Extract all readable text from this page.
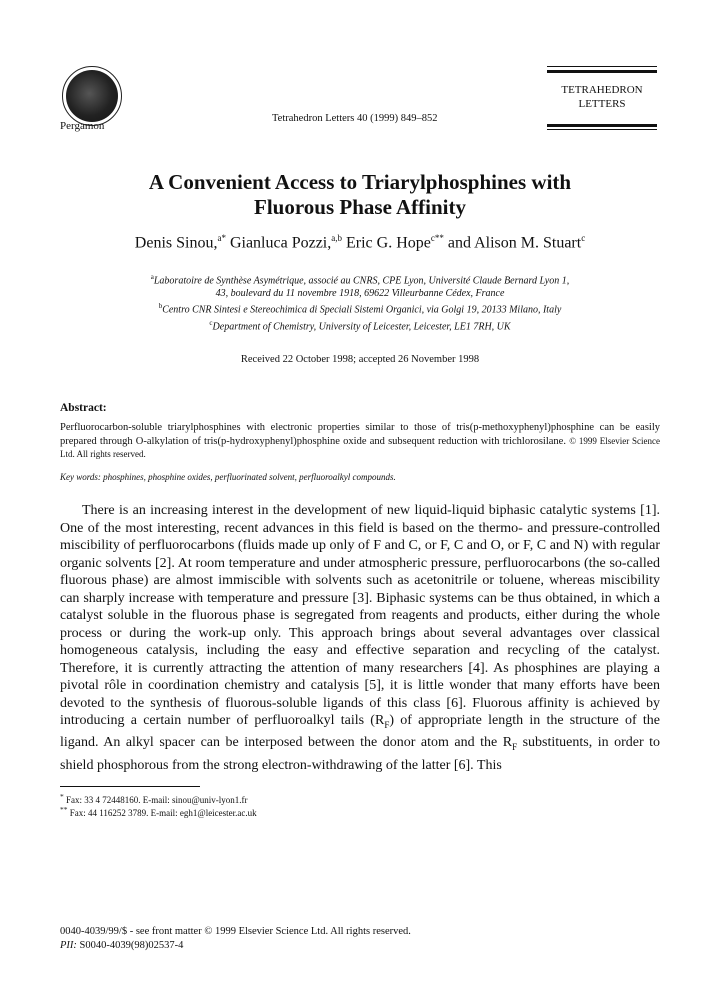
Pergamon
Tetrahedron Letters 40 (1999) 849–852
TETRAHEDRON
LETTERS
A Convenient Access to Triarylphosphines with
Fluorous Phase Affinity
Denis Sinou,$^{a*}$ Gianluca Pozzi,$^{a,b}$ Eric G. Hope$^{c**}$ and Alison M. Stuart$^c$
$^a$Laboratoire de Synthèse Asymétrique, associé au CNRS, CPE Lyon, Université Claude Bernard Lyon 1,
43, boulevard du 11 novembre 1918, 69622 Villeurbanne Cédex, France
$^b$Centro CNR Sintesi e Stereochimica di Speciali Sistemi Organici, via Golgi 19, 20133 Milano, Italy
$^c$Department of Chemistry, University of Leicester, Leicester, LE1 7RH, UK
Received 22 October 1998; accepted 26 November 1998
Abstract:
Perfluorocarbon-soluble triarylphosphines with electronic properties similar to those of tris(p-methoxyphenyl)phosphine can be easily prepared through O-alkylation of tris(p-hydroxyphenyl)phosphine oxide and subsequent reduction with trichlorosilane. © 1999 Elsevier Science Ltd. All rights reserved.
Key words: phosphines, phosphine oxides, perfluorinated solvent, perfluoroalkyl compounds.
There is an increasing interest in the development of new liquid-liquid biphasic catalytic systems [1]. One of the most interesting, recent advances in this field is based on the thermo- and pressure-controlled miscibility of perfluorocarbons (fluids made up only of F and C, or F, C and O, or F, C and N) with regular organic solvents [2]. At room temperature and under atmospheric pressure, perfluorocarbons (the so-called fluorous phase) are almost immiscible with solvents such as acetonitrile or toluene, whereas miscibility can sharply increase with temperature and pressure [3]. Biphasic systems can be thus obtained, in which a catalyst soluble in the fluorous phase is segregated from reagents and products, either during the whole process or during the work-up only. This approach brings about several advantages over classical homogeneous catalysis, including the easy and effective separation and recycling of the catalyst. Therefore, it is currently attracting the attention of many researchers [4]. As phosphines are playing a pivotal rôle in coordination chemistry and catalysis [5], it is little wonder that many efforts have been devoted to the synthesis of fluorous-soluble ligands of this class [6]. Fluorous affinity is achieved by introducing a certain number of perfluoroalkyl tails $(R_F)$ of appropriate length in the structure of the ligand. An alkyl spacer can be interposed between the donor atom and the $R_F$ substituents, in order to shield phosphorous from the strong electron-withdrawing of the latter [6]. This
* Fax: 33 4 72448160. E-mail: sinou@univ-lyon1.fr
** Fax: 44 116252 3789. E-mail: egh1@leicester.ac.uk
0040-4039/99/$ - see front matter © 1999 Elsevier Science Ltd. All rights reserved.
PII: S0040-4039(98)02537-4
